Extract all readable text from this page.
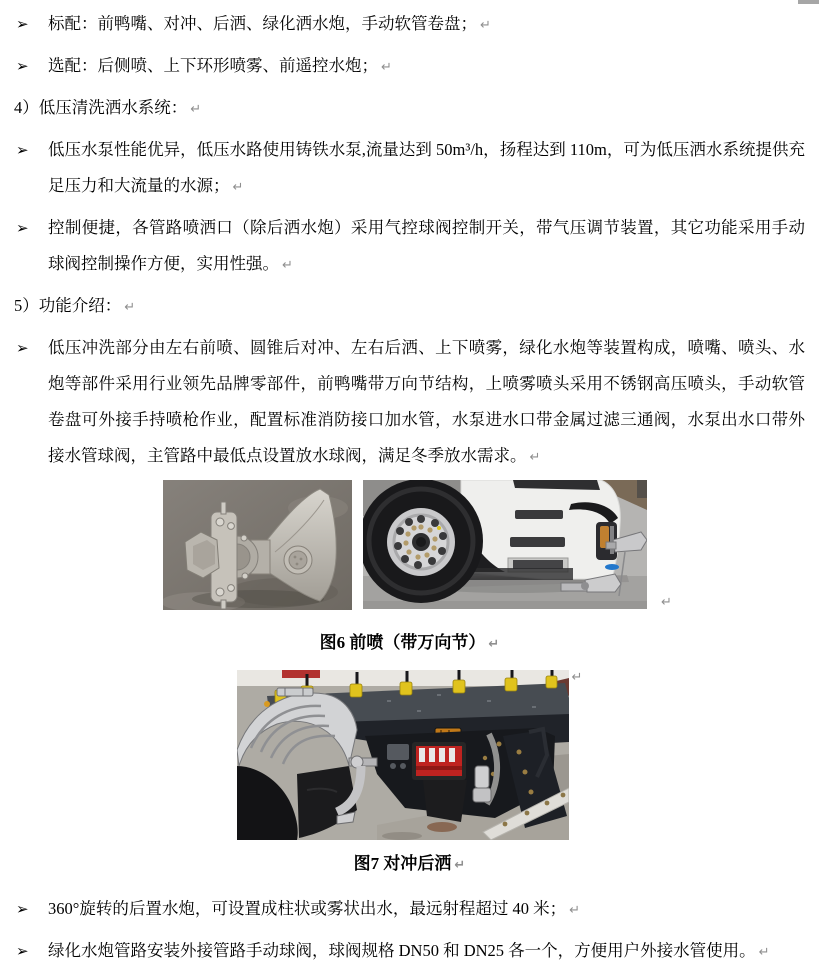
➢ 标配：前鸭嘴、对冲、后洒、绿化洒水炮，手动软管卷盘； ↵
➢ 选配：后侧喷、上下环形喷雾、前遥控水炮； ↵
4）低压清洗洒水系统： ↵
➢ 低压水泵性能优异，低压水路使用铸铁水泵,流量达到 50m³/h，扬程达到 110m，可为低压洒水系统提供充足压力和大流量的水源； ↵
➢ 控制便捷，各管路喷洒口（除后洒水炮）采用气控球阀控制开关，带气压调节装置，其它功能采用手动球阀控制操作方便，实用性强。 ↵
5）功能介绍： ↵
➢ 低压冲洗部分由左右前喷、圆锥后对冲、左右后洒、上下喷雾，绿化水炮等装置构成，喷嘴、喷头、水炮等部件采用行业领先品牌零部件，前鸭嘴带万向节结构，上喷雾喷头采用不锈钢高压喷头，手动软管卷盘可外接手持喷枪作业，配置标准消防接口加水管，水泵进水口带金属过滤三通阀，水泵出水口带外接水管球阀，主管路中最低点设置放水球阀，满足冬季放水需求。 ↵
↵
图6 前喷（带万向节） ↵
↵
图7 对冲后洒 ↵
➢ 360°旋转的后置水炮，可设置成柱状或雾状出水，最远射程超过 40 米； ↵
➢ 绿化水炮管路安装外接管路手动球阀，球阀规格 DN50 和 DN25 各一个，方便用户外接水管使用。 ↵
